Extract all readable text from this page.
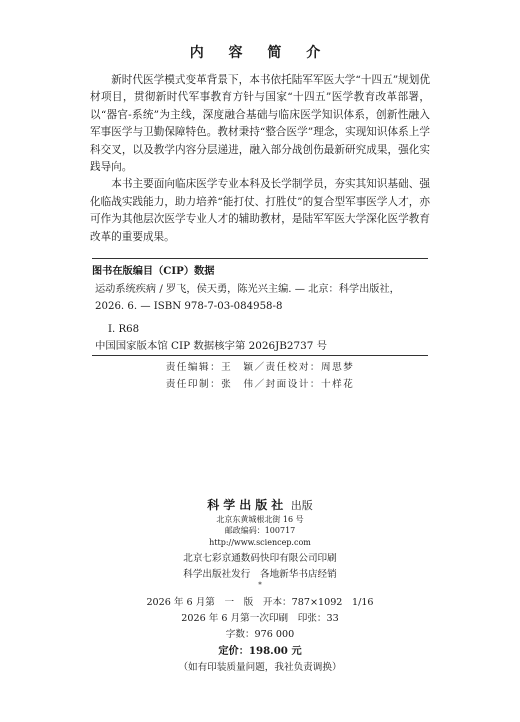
内 容 简 介

新时代医学模式变革背景下，本书依托陆军军医大学“十四五”规划优材项目，贯彻新时代军事教育方针与国家“十四五”医学教育改革部署，以“器官-系统”为主线，深度融合基础与临床医学知识体系，创新性融入军事医学与卫勤保障特色。教材秉持“整合医学”理念，实现知识体系上学科交叉，以及教学内容分层递进，融入部分战创伤最新研究成果，强化实践导向。

本书主要面向临床医学专业本科及长学制学员，夯实其知识基础、强化临战实践能力，助力培养“能打仗、打胜仗”的复合型军事医学人才，亦可作为其他层次医学专业人才的辅助教材，是陆军军医大学深化医学教育改革的重要成果。

图书在版编目（CIP）数据
运动系统疾病 / 罗飞，侯天勇，陈光兴主编. — 北京：科学出版社，
2026. 6. — ISBN 978-7-03-084958-8
Ⅰ. R68
中国国家版本馆 CIP 数据核字第 2026JB2737 号
责任编辑：王　颖／责任校对：周思梦
责任印制：张　伟／封面设计：十样花
科学出版社 出版
北京东黄城根北街 16 号
邮政编码：100717
http://www.sciencep.com
北京七彩京通数码快印有限公司印刷
科学出版社发行　各地新华书店经销
*
2026 年 6 月第　一　版　开本：787×1092　1/16
2026 年 6 月第一次印刷　印张：33
字数：976 000
定价：198.00 元
（如有印装质量问题，我社负责调换）
